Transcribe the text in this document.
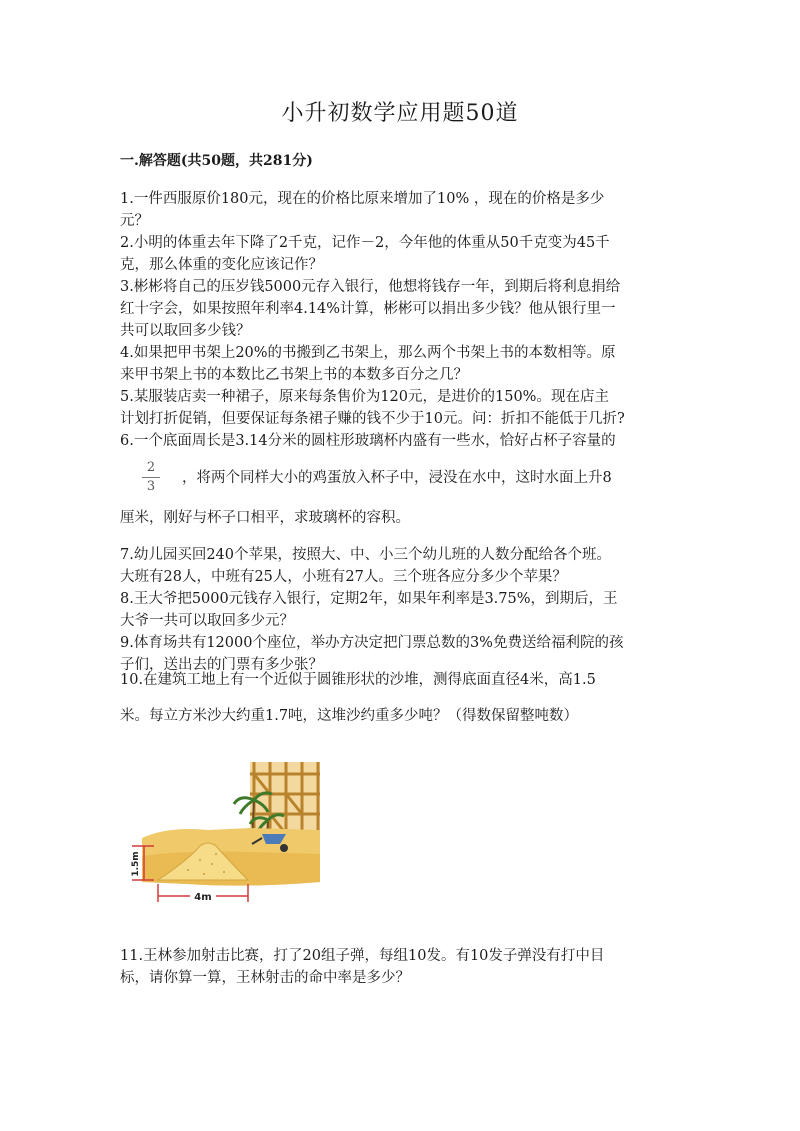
小升初数学应用题50道
一.解答题(共50题，共281分)
1.一件西服原价180元，现在的价格比原来增加了10% ，现在的价格是多少
元？
2.小明的体重去年下降了2千克，记作－2，今年他的体重从50千克变为45千
克，那么体重的变化应该记作？
3.彬彬将自己的压岁钱5000元存入银行，他想将钱存一年，到期后将利息捐给
红十字会，如果按照年利率4.14%计算，彬彬可以捐出多少钱？他从银行里一
共可以取回多少钱？
4.如果把甲书架上20%的书搬到乙书架上，那么两个书架上书的本数相等。原
来甲书架上书的本数比乙书架上书的本数多百分之几？
5.某服装店卖一种裙子，原来每条售价为120元，是进价的150%。现在店主
计划打折促销，但要保证每条裙子赚的钱不少于10元。问：折扣不能低于几折?
6.一个底面周长是3.14分米的圆柱形玻璃杯内盛有一些水，恰好占杯子容量的
2
3
，将两个同样大小的鸡蛋放入杯子中，浸没在水中，这时水面上升8
厘米，刚好与杯子口相平，求玻璃杯的容积。
7.幼儿园买回240个苹果，按照大、中、小三个幼儿班的人数分配给各个班。
大班有28人，中班有25人，小班有27人。三个班各应分多少个苹果？
8.王大爷把5000元钱存入银行，定期2年，如果年利率是3.75%，到期后，王
大爷一共可以取回多少元？
9.体育场共有12000个座位，举办方决定把门票总数的3%免费送给福利院的孩
子们，送出去的门票有多少张？
10.在建筑工地上有一个近似于圆锥形状的沙堆，测得底面直径4米，高1.5
米。每立方米沙大约重1.7吨，这堆沙约重多少吨？（得数保留整吨数）
1.5m
4m
11.王林参加射击比赛，打了20组子弹，每组10发。有10发子弹没有打中目
标，请你算一算，王林射击的命中率是多少？
